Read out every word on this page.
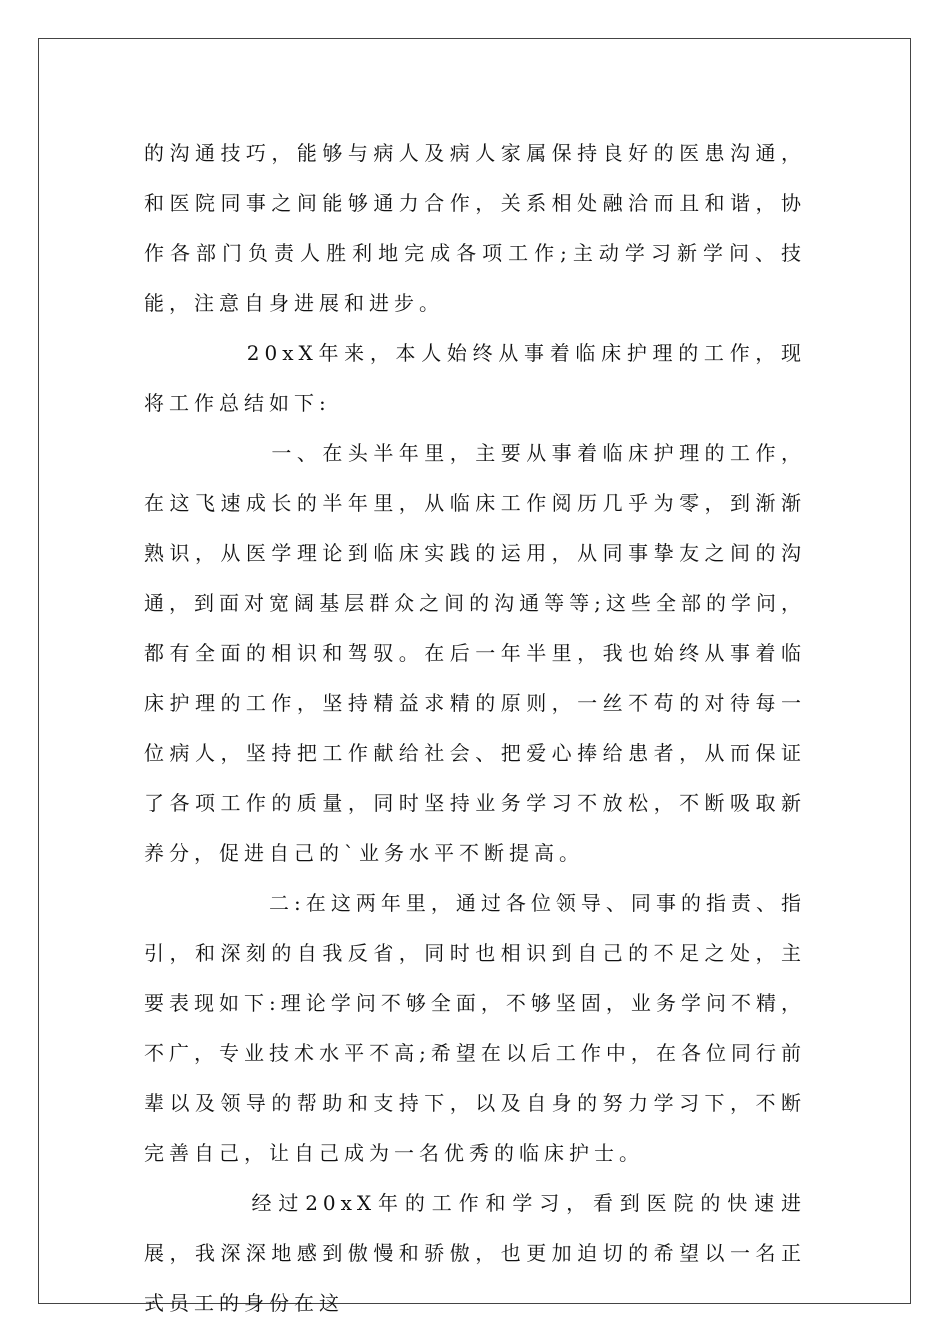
的沟通技巧，能够与病人及病人家属保持良好的医患沟通，和医院同事之间能够通力合作，关系相处融洽而且和谐，协作各部门负责人胜利地完成各项工作;主动学习新学问、技能，注意自身进展和进步。

　　　　20xX年来，本人始终从事着临床护理的工作，现将工作总结如下:

　　　　　一、在头半年里，主要从事着临床护理的工作，在这飞速成长的半年里，从临床工作阅历几乎为零，到渐渐熟识，从医学理论到临床实践的运用，从同事挚友之间的沟通，到面对宽阔基层群众之间的沟通等等;这些全部的学问，都有全面的相识和驾驭。在后一年半里，我也始终从事着临床护理的工作，坚持精益求精的原则，一丝不苟的对待每一位病人，坚持把工作献给社会、把爱心捧给患者，从而保证了各项工作的质量，同时坚持业务学习不放松，不断吸取新养分，促进自己的`业务水平不断提高。

　　　　　二:在这两年里，通过各位领导、同事的指责、指引，和深刻的自我反省，同时也相识到自己的不足之处，主要表现如下:理论学问不够全面，不够坚固，业务学问不精，不广，专业技术水平不高;希望在以后工作中，在各位同行前辈以及领导的帮助和支持下，以及自身的努力学习下，不断完善自己，让自己成为一名优秀的临床护士。

　　　　经过20xX年的工作和学习，看到医院的快速进展，我深深地感到傲慢和骄傲，也更加迫切的希望以一名正式员工的身份在这
